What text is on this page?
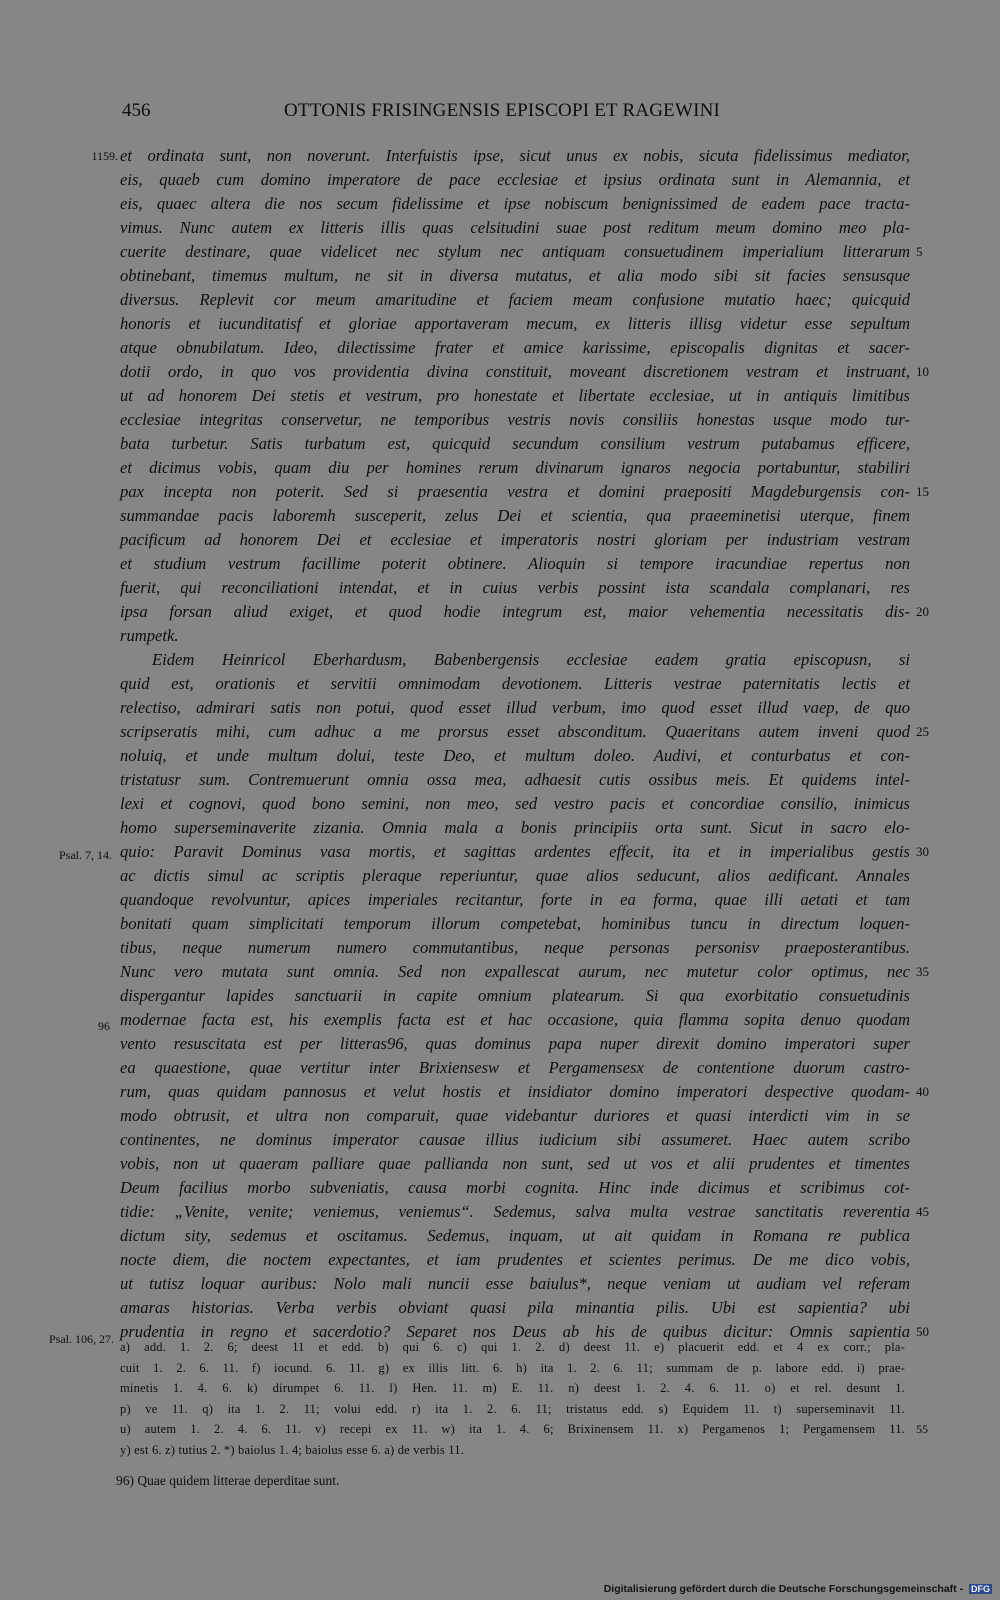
456	OTTONIS FRISINGENSIS EPISCOPI ET RAGEWINI
1159.
Psal. 7, 14.
96
Psal. 106, 27.
et ordinata sunt, non noverunt. Interfuistis ipse, sicut unus ex nobis, sicuta fidelissimus mediator,
eis, quaeb cum domino imperatore de pace ecclesiae et ipsius ordinata sunt in Alemannia, et
eis, quaec altera die nos secum fidelissime et ipse nobiscum benignissimed de eadem pace tracta-
vimus. Nunc autem ex litteris illis quas celsitudini suae post reditum meum domino meo pla-
cuerite destinare, quae videlicet nec stylum nec antiquam consuetudinem imperialium litterarum
obtinebant, timemus multum, ne sit in diversa mutatus, et alia modo sibi sit facies sensusque
diversus. Replevit cor meum amaritudine et faciem meam confusione mutatio haec; quicquid
honoris et iucunditatisf et gloriae apportaveram mecum, ex litteris illisg videtur esse sepultum
atque obnubilatum. Ideo, dilectissime frater et amice karissime, episcopalis dignitas et sacer-
dotii ordo, in quo vos providentia divina constituit, moveant discretionem vestram et instruant,
ut ad honorem Dei stetis et vestrum, pro honestate et libertate ecclesiae, ut in antiquis limitibus
ecclesiae integritas conservetur, ne temporibus vestris novis consiliis honestas usque modo tur-
bata turbetur. Satis turbatum est, quicquid secundum consilium vestrum putabamus efficere,
et dicimus vobis, quam diu per homines rerum divinarum ignaros negocia portabuntur, stabiliri
pax incepta non poterit. Sed si praesentia vestra et domini praepositi Magdeburgensis con-
summandae pacis laboremh susceperit, zelus Dei et scientia, qua praeeminetisi uterque, finem
pacificum ad honorem Dei et ecclesiae et imperatoris nostri gloriam per industriam vestram
et studium vestrum facillime poterit obtinere. Alioquin si tempore iracundiae repertus non
fuerit, qui reconciliationi intendat, et in cuius verbis possint ista scandala complanari, res
ipsa forsan aliud exiget, et quod hodie integrum est, maior vehementia necessitatis dis-
rumpetk.
Eidem Heinricol Eberhardusm, Babenbergensis ecclesiae eadem gratia episcopusn, si
quid est, orationis et servitii omnimodam devotionem. Litteris vestrae paternitatis lectis et
relectiso, admirari satis non potui, quod esset illud verbum, imo quod esset illud vaep, de quo
scripseratis mihi, cum adhuc a me prorsus esset absconditum. Quaeritans autem inveni quod
noluiq, et unde multum dolui, teste Deo, et multum doleo. Audivi, et conturbatus et con-
tristatusr sum. Contremuerunt omnia ossa mea, adhaesit cutis ossibus meis. Et quidems intel-
lexi et cognovi, quod bono semini, non meo, sed vestro pacis et concordiae consilio, inimicus
homo superseminaverite zizania. Omnia mala a bonis principiis orta sunt. Sicut in sacro elo-
quio: Paravit Dominus vasa mortis, et sagittas ardentes effecit, ita et in imperialibus gestis
ac dictis simul ac scriptis pleraque reperiuntur, quae alios seducunt, alios aedificant. Annales
quandoque revolvuntur, apices imperiales recitantur, forte in ea forma, quae illi aetati et tam
bonitati quam simplicitati temporum illorum competebat, hominibus tuncu in directum loquen-
tibus, neque numerum numero commutantibus, neque personas personisv praeposterantibus.
Nunc vero mutata sunt omnia. Sed non expallescat aurum, nec mutetur color optimus, nec
dispergantur lapides sanctuarii in capite omnium platearum. Si qua exorbitatio consuetudinis
modernae facta est, his exemplis facta est et hac occasione, quia flamma sopita denuo quodam
vento resuscitata est per litteras96, quas dominus papa nuper direxit domino imperatori super
ea quaestione, quae vertitur inter Brixiensesw et Pergamensesx de contentione duorum castro-
rum, quas quidam pannosus et velut hostis et insidiator domino imperatori despective quodam-
modo obtrusit, et ultra non comparuit, quae videbantur duriores et quasi interdicti vim in se
continentes, ne dominus imperator causae illius iudicium sibi assumeret. Haec autem scribo
vobis, non ut quaeram palliare quae pallianda non sunt, sed ut vos et alii prudentes et timentes
Deum facilius morbo subveniatis, causa morbi cognita. Hinc inde dicimus et scribimus cot-
tidie: „Venite, venite; veniemus, veniemus“. Sedemus, salva multa vestrae sanctitatis reverentia
dictum sity, sedemus et oscitamus. Sedemus, inquam, ut ait quidam in Romana re publica
nocte diem, die noctem expectantes, et iam prudentes et scientes perimus. De me dico vobis,
ut tutisz loquar auribus: Nolo mali nuncii esse baiulus*, neque veniam ut audiam vel referam
amaras historias. Verba verbis obviant quasi pila minantia pilis. Ubi est sapientia? ubi
prudentia in regno et sacerdotio? Separet nos Deus ab his de quibus dicitur: Omnis sapientia
5
10
15
20
25
30
35
40
45
50
a) add. 1. 2. 6; deest 11 et edd. b) qui 6. c) qui 1. 2. d) deest 11. e) placuerit edd. et 4 ex corr.; pla-
cuit 1. 2. 6. 11. f) iocund. 6. 11. g) ex illis litt. 6. h) ita 1. 2. 6. 11; summam de p. labore edd. i) prae-
minetis 1. 4. 6. k) dirumpet 6. 11. l) Hen. 11. m) E. 11. n) deest 1. 2. 4. 6. 11. o) et rel. desunt 1.
p) ve 11. q) ita 1. 2. 11; volui edd. r) ita 1. 2. 6. 11; tristatus edd. s) Equidem 11. t) superseminavit 11.
u) autem 1. 2. 4. 6. 11. v) recepi ex 11. w) ita 1. 4. 6; Brixinensem 11. x) Pergamenos 1; Pergamensem 11.
y) est 6. z) tutius 2. *) baiolus 1. 4; baiolus esse 6. a) de verbis 11.
55
96) Quae quidem litterae deperditae sunt.
Digitalisierung gefördert durch die Deutsche Forschungsgemeinschaft - DFG
